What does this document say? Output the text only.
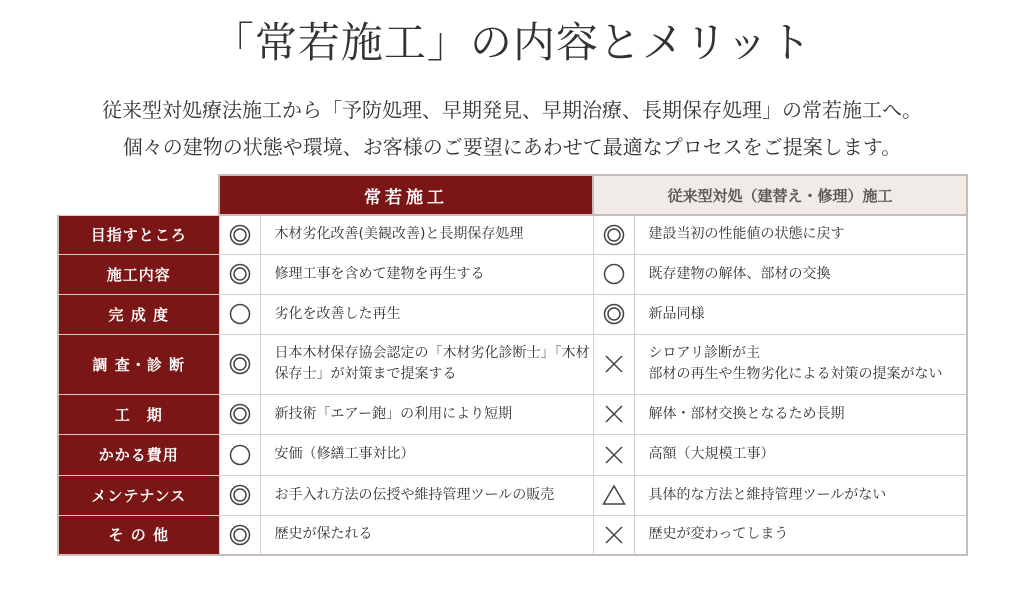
「常若施工」の内容とメリット
従来型対処療法施工から「予防処理、早期発見、早期治療、長期保存処理」の常若施工へ。
個々の建物の状態や環境、お客様のご要望にあわせて最適なプロセスをご提案します。
	常若施工		従来型対処（建替え・修理）施工	
目指すところ		木材劣化改善(美観改善)と長期保存処理		建設当初の性能値の状態に戻す
施工内容		修理工事を含めて建物を再生する		既存建物の解体、部材の交換
完 成 度		劣化を改善した再生		新品同様
調 査・診 断		日本木材保存協会認定の「木材劣化診断士」「木材保存士」が対策まで提案する		シロアリ診断が主
部材の再生や生物劣化による対策の提案がない
工　期		新技術「エアー鉋」の利用により短期		解体・部材交換となるため長期
かかる費用		安価（修繕工事対比）		高額（大規模工事）
メンテナンス		お手入れ方法の伝授や維持管理ツールの販売		具体的な方法と維持管理ツールがない
そ の 他		歴史が保たれる		歴史が変わってしまう
